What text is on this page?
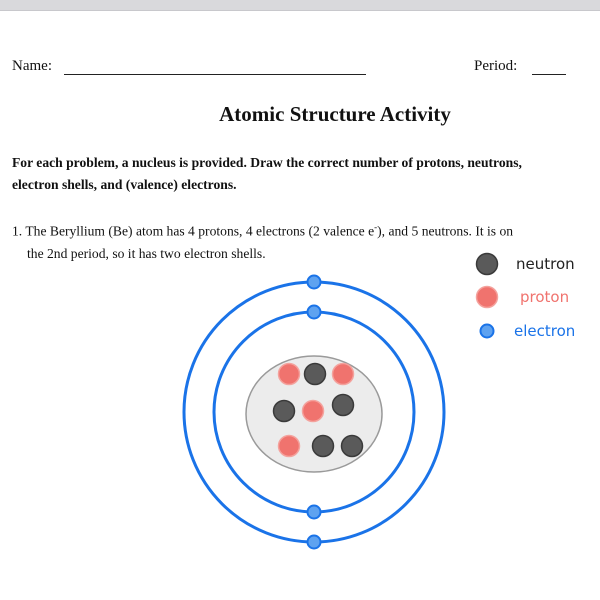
Name:	Period:
Atomic Structure Activity
For each problem, a nucleus is provided. Draw the correct number of protons, neutrons,
electron shells, and (valence) electrons.
1. The Beryllium (Be) atom has 4 protons, 4 electrons (2 valence e-), and 5 neutrons. It is on
the 2nd period, so it has two electron shells.
neutron
proton
electron
